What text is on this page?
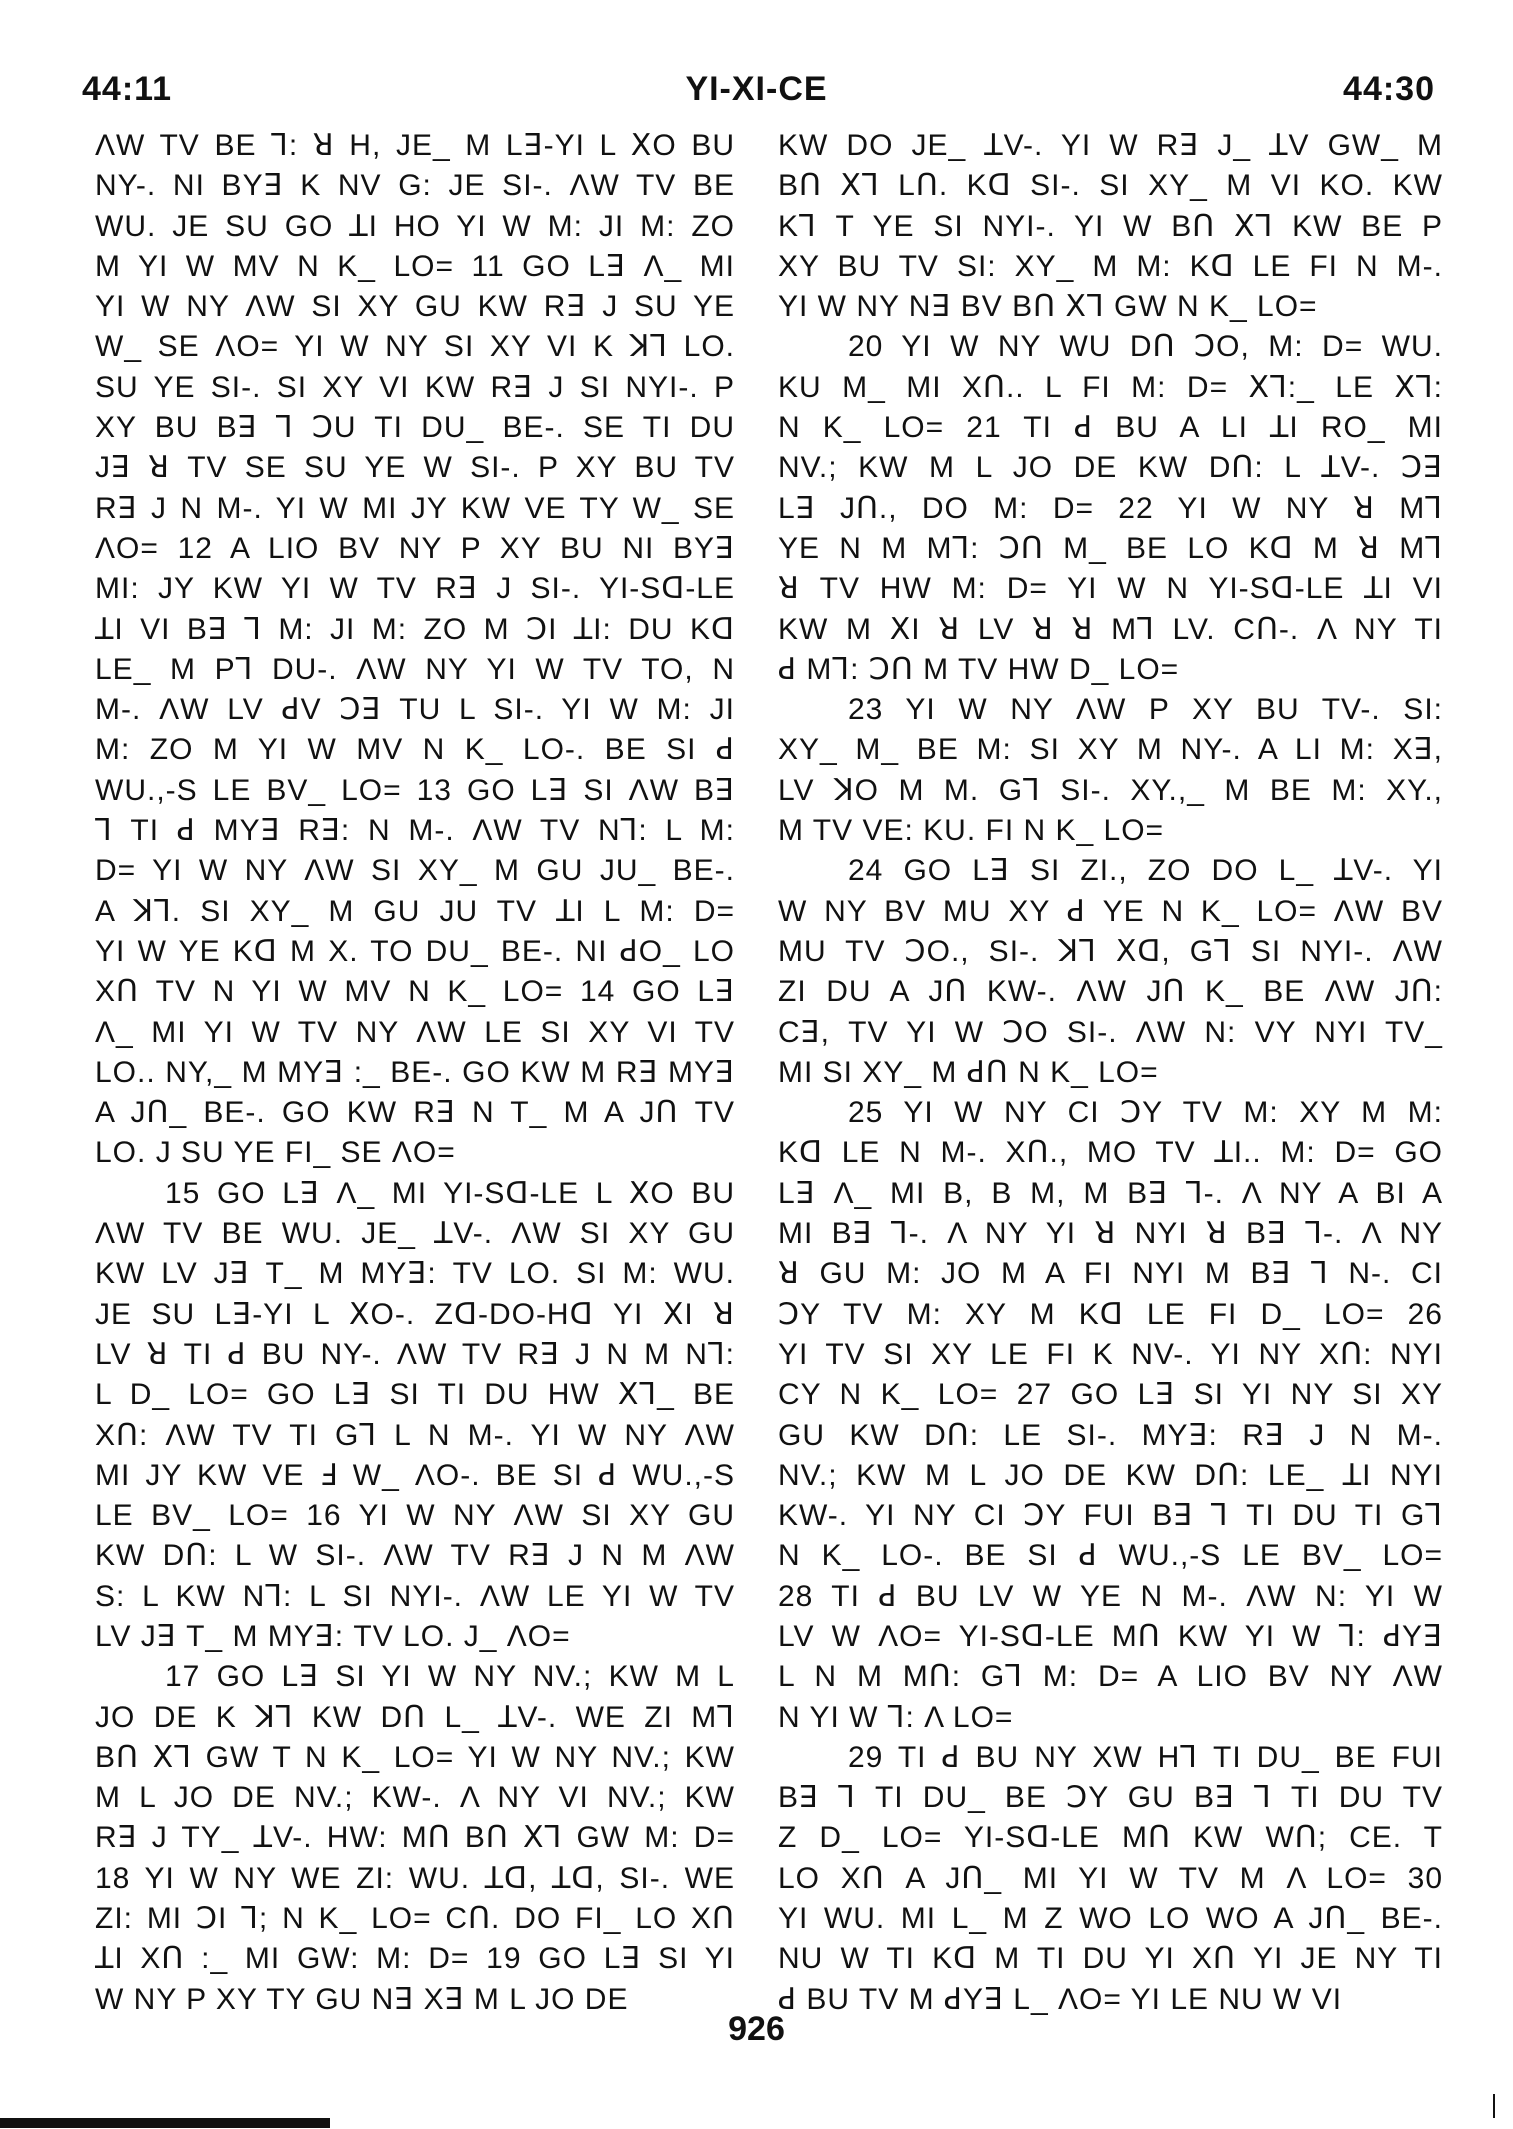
44:11	YI-XI-CE	44:30
ΛW TV BE ꓶ: ꓤ H, JE_ M Lꓱ-YI L ꓫO BU
NY-. NI BYꓱ K NV G: JE SI-. ΛW TV BE
WU. JE SU GO ꓕI HO YI W M: JI M: ZO
M YI W MV N K_ LO= 11 GO Lꓱ Λ_ MI
YI W NY ΛW SI XY GU KW Rꓱ J SU YE
W_ SE ΛO= YI W NY SI XY VI K ꓘꓶ LO.
SU YE SI-. SI XY VI KW Rꓱ J SI NYI-. P
XY BU Bꓱ ꓶ ꓛU TI DU_ BE-. SE TI DU
Jꓱ ꓤ TV SE SU YE W SI-. P XY BU TV
Rꓱ J N M-. YI W MI JY KW VE TY W_ SE
ΛO= 12 A LIO BV NY P XY BU NI BYꓱ
MI: JY KW YI W TV Rꓱ J SI-. YI-Sꓷ-LE
ꓕI VI Bꓱ ꓶ M: JI M: ZO M ꓛI ꓕI: DU Kꓷ
LE_ M Pꓶ DU-. ΛW NY YI W TV TO, N
M-. ΛW LV ꓒV ꓛꓱ TU L SI-. YI W M: JI
M: ZO M YI W MV N K_ LO-. BE SI ꓒ
WU.,-S LE BV_ LO= 13 GO Lꓱ SI ΛW Bꓱ
ꓶ TI ꓒ MYꓱ Rꓱ: N M-. ΛW TV Nꓶ: L M:
D= YI W NY ΛW SI XY_ M GU JU_ BE-.
A ꓘꓶ. SI XY_ M GU JU TV ꓕI L M: D=
YI W YE Kꓷ M X. TO DU_ BE-. NI ꓒO_ LO
Xꓵ TV N YI W MV N K_ LO= 14 GO Lꓱ
Λ_ MI YI W TV NY ΛW LE SI XY VI TV
LO.. NY,_ M MYꓱ :_ BE-. GO KW M Rꓱ MYꓱ
A Jꓵ_ BE-. GO KW Rꓱ N T_ M A Jꓵ TV
LO. J SU YE FI_ SE ΛO=
15 GO Lꓱ Λ_ MI YI-Sꓷ-LE L ꓫO BU
ΛW TV BE WU. JE_ ꓕV-. ΛW SI XY GU
KW LV Jꓱ T_ M MYꓱ: TV LO. SI M: WU.
JE SU Lꓱ-YI L ꓫO-. Zꓷ-DO-Hꓷ YI ꓫI ꓤ
LV ꓤ TI ꓒ BU NY-. ΛW TV Rꓱ J N M Nꓶ:
L D_ LO= GO Lꓱ SI TI DU HW ꓫꓶ_ BE
Xꓵ: ΛW TV TI Gꓶ L N M-. YI W NY ΛW
MI JY KW VE ꓞ W_ ΛO-. BE SI ꓒ WU.,-S
LE BV_ LO= 16 YI W NY ΛW SI XY GU
KW Dꓵ: L W SI-. ΛW TV Rꓱ J N M ΛW
S: L KW Nꓶ: L SI NYI-. ΛW LE YI W TV
LV Jꓱ T_ M MYꓱ: TV LO. J_ ΛO=
17 GO Lꓱ SI YI W NY NV.; KW M L
JO DE K ꓘꓶ KW Dꓵ L_ ꓕV-. WE ZI Mꓶ
Bꓵ ꓫꓶ GW T N K_ LO= YI W NY NV.; KW
M L JO DE NV.; KW-. Λ NY VI NV.; KW
Rꓱ J TY_ ꓕV-. HW: Mꓵ Bꓵ ꓫꓶ GW M: D=
18 YI W NY WE ZI: WU. ꓕꓷ, ꓕꓷ, SI-. WE
ZI: MI ꓛI ꓶ; N K_ LO= Cꓵ. DO FI_ LO Xꓵ
ꓕI Xꓵ :_ MI GW: M: D= 19 GO Lꓱ SI YI
W NY P XY TY GU Nꓱ Xꓱ M L JO DE
KW DO JE_ ꓕV-. YI W Rꓱ J_ ꓕV GW_ M
Bꓵ ꓫꓶ Lꓵ. Kꓷ SI-. SI XY_ M VI KO. KW
Kꓶ T YE SI NYI-. YI W Bꓵ ꓫꓶ KW BE P
XY BU TV SI: XY_ M M: Kꓷ LE FI N M-.
YI W NY Nꓱ BV Bꓵ ꓫꓶ GW N K_ LO=
20 YI W NY WU Dꓵ ꓛO, M: D= WU.
KU M_ MI Xꓵ.. L FI M: D= ꓫꓶ:_ LE ꓫꓶ:
N K_ LO= 21 TI ꓒ BU A LI ꓕI RO_ MI
NV.; KW M L JO DE KW Dꓵ: L ꓕV-. ꓛꓱ
Lꓱ Jꓵ., DO M: D= 22 YI W NY ꓤ Mꓶ
YE N M Mꓶ: ꓛꓵ M_ BE LO Kꓷ M ꓤ Mꓶ
ꓤ TV HW M: D= YI W N YI-Sꓷ-LE ꓕI VI
KW M ꓫI ꓤ LV ꓤ ꓤ Mꓶ LV. Cꓵ-. Λ NY TI
ꓒ Mꓶ: ꓛꓵ M TV HW D_ LO=
23 YI W NY ΛW P XY BU TV-. SI:
XY_ M_ BE M: SI XY M NY-. A LI M: Xꓱ,
LV ꓘO M M. Gꓶ SI-. XY.,_ M BE M: XY.,
M TV VE: KU. FI N K_ LO=
24 GO Lꓱ SI ZI., ZO DO L_ ꓕV-. YI
W NY BV MU XY ꓒ YE N K_ LO= ΛW BV
MU TV ꓛO., SI-. ꓘꓶ ꓫꓷ, Gꓶ SI NYI-. ΛW
ZI DU A Jꓵ KW-. ΛW Jꓵ K_ BE ΛW Jꓵ:
Cꓱ, TV YI W ꓛO SI-. ΛW N: VY NYI TV_
MI SI XY_ M ꓒꓵ N K_ LO=
25 YI W NY CI ꓛY TV M: XY M M:
Kꓷ LE N M-. Xꓵ., MO TV ꓕI.. M: D= GO
Lꓱ Λ_ MI B, B M, M Bꓱ ꓶ-. Λ NY A BI A
MI Bꓱ ꓶ-. Λ NY YI ꓤ NYI ꓤ Bꓱ ꓶ-. Λ NY
ꓤ GU M: JO M A FI NYI M Bꓱ ꓶ N-. CI
ꓛY TV M: XY M Kꓷ LE FI D_ LO= 26
YI TV SI XY LE FI K NV-. YI NY Xꓵ: NYI
CY N K_ LO= 27 GO Lꓱ SI YI NY SI XY
GU KW Dꓵ: LE SI-. MYꓱ: Rꓱ J N M-.
NV.; KW M L JO DE KW Dꓵ: LE_ ꓕI NYI
KW-. YI NY CI ꓛY FUI Bꓱ ꓶ TI DU TI Gꓶ
N K_ LO-. BE SI ꓒ WU.,-S LE BV_ LO=
28 TI ꓒ BU LV W YE N M-. ΛW N: YI W
LV W ΛO= YI-Sꓷ-LE Mꓵ KW YI W ꓶ: ꓒYꓱ
L N M Mꓵ: Gꓶ M: D= A LIO BV NY ΛW
N YI W ꓶ: Λ LO=
29 TI ꓒ BU NY XW Hꓶ TI DU_ BE FUI
Bꓱ ꓶ TI DU_ BE ꓛY GU Bꓱ ꓶ TI DU TV
Z D_ LO= YI-Sꓷ-LE Mꓵ KW Wꓵ; CE. T
LO Xꓵ A Jꓵ_ MI YI W TV M Λ LO= 30
YI WU. MI L_ M Z WO LO WO A Jꓵ_ BE-.
NU W TI Kꓷ M TI DU YI Xꓵ YI JE NY TI
ꓒ BU TV M ꓒYꓱ L_ ΛO= YI LE NU W VI
926
